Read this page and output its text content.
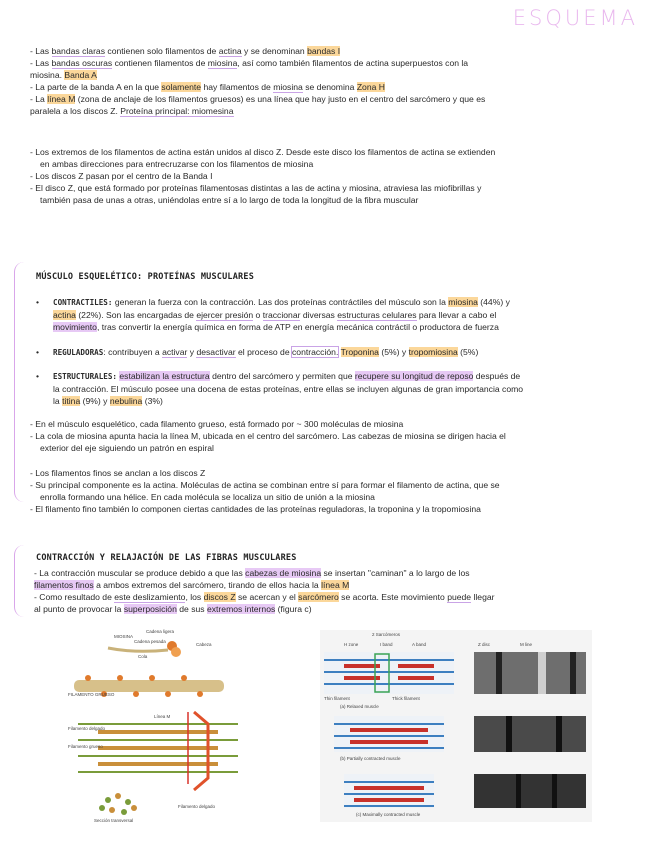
ESQUEMA

- Las bandas claras contienen solo filamentos de actina y se denominan bandas I

- Las bandas oscuras contienen filamentos de miosina, así como también filamentos de actina superpuestos con la

miosina. Banda A

- La parte de la banda A en la que solamente hay filamentos de miosina se denomina Zona H

- La línea M (zona de anclaje de los filamentos gruesos) es una línea que hay justo en el centro del sarcómero y que es

paralela a los discos Z. Proteína principal: miomesina

- Los extremos de los filamentos de actina están unidos al disco Z. Desde este disco los filamentos de actina se extienden

en ambas direcciones para entrecruzarse con los filamentos de miosina

- Los discos Z pasan por el centro de la Banda I

- El disco Z, que está formado por proteínas filamentosas distintas a las de actina y miosina, atraviesa las miofibrillas y

también pasa de unas a otras, uniéndolas entre sí a lo largo de toda la longitud de la fibra muscular

MÚSCULO ESQUELÉTICO: PROTEÍNAS MUSCULARES
• CONTRACTILES: generan la fuerza con la contracción. Las dos proteínas contráctiles del músculo son la miosina (44%) y
actina (22%). Son las encargadas de ejercer presión o traccionar diversas estructuras celulares para llevar a cabo el
movimiento, tras convertir la energía química en forma de ATP en energía mecánica contráctil o productora de fuerza
• REGULADORAS: contribuyen a activar y desactivar el proceso de contracción. Troponina (5%) y tropomiosina (5%)
• ESTRUCTURALES: estabilizan la estructura dentro del sarcómero y permiten que recupere su longitud de reposo después de
la contracción. El músculo posee una docena de estas proteínas, entre ellas se incluyen algunas de gran importancia como
la titina (9%) y nebulina (3%)

- En el músculo esquelético, cada filamento grueso, está formado por ~ 300 moléculas de miosina

- La cola de miosina apunta hacia la línea M, ubicada en el centro del sarcómero. Las cabezas de miosina se dirigen hacia el

exterior del eje siguiendo un patrón en espiral

- Los filamentos finos se anclan a los discos Z

- Su principal componente es la actina. Moléculas de actina se combinan entre sí para formar el filamento de actina, que se

enrolla formando una hélice. En cada molécula se localiza un sitio de unión a la miosina

- El filamento fino también lo componen ciertas cantidades de las proteínas reguladoras, la troponina y la tropomiosina

CONTRACCIÓN Y RELAJACIÓN DE LAS FIBRAS MUSCULARES

- La contracción muscular se produce debido a que las cabezas de miosina se insertan "caminan" a lo largo de los

filamentos finos a ambos extremos del sarcómero, tirando de ellos hacia la línea M

- Como resultado de este deslizamiento, los discos Z se acercan y el sarcómero se acorta. Este movimiento puede llegar

al punto de provocar la superposición de sus extremos internos (figura c)

MIOSINA
Cadena ligera
Cadena pesada
Cola
Cabeza
FILAMENTO GRUESO
Línea M
Filamento delgado
Filamento grueso
Filamento delgado
Sección transversal
2 Sarcómeros
H zone	I band	A band	Z disc	M line
Thin filament	Thick filament
(a) Relaxed muscle
(b) Partially contracted muscle
(c) Maximally contracted muscle
